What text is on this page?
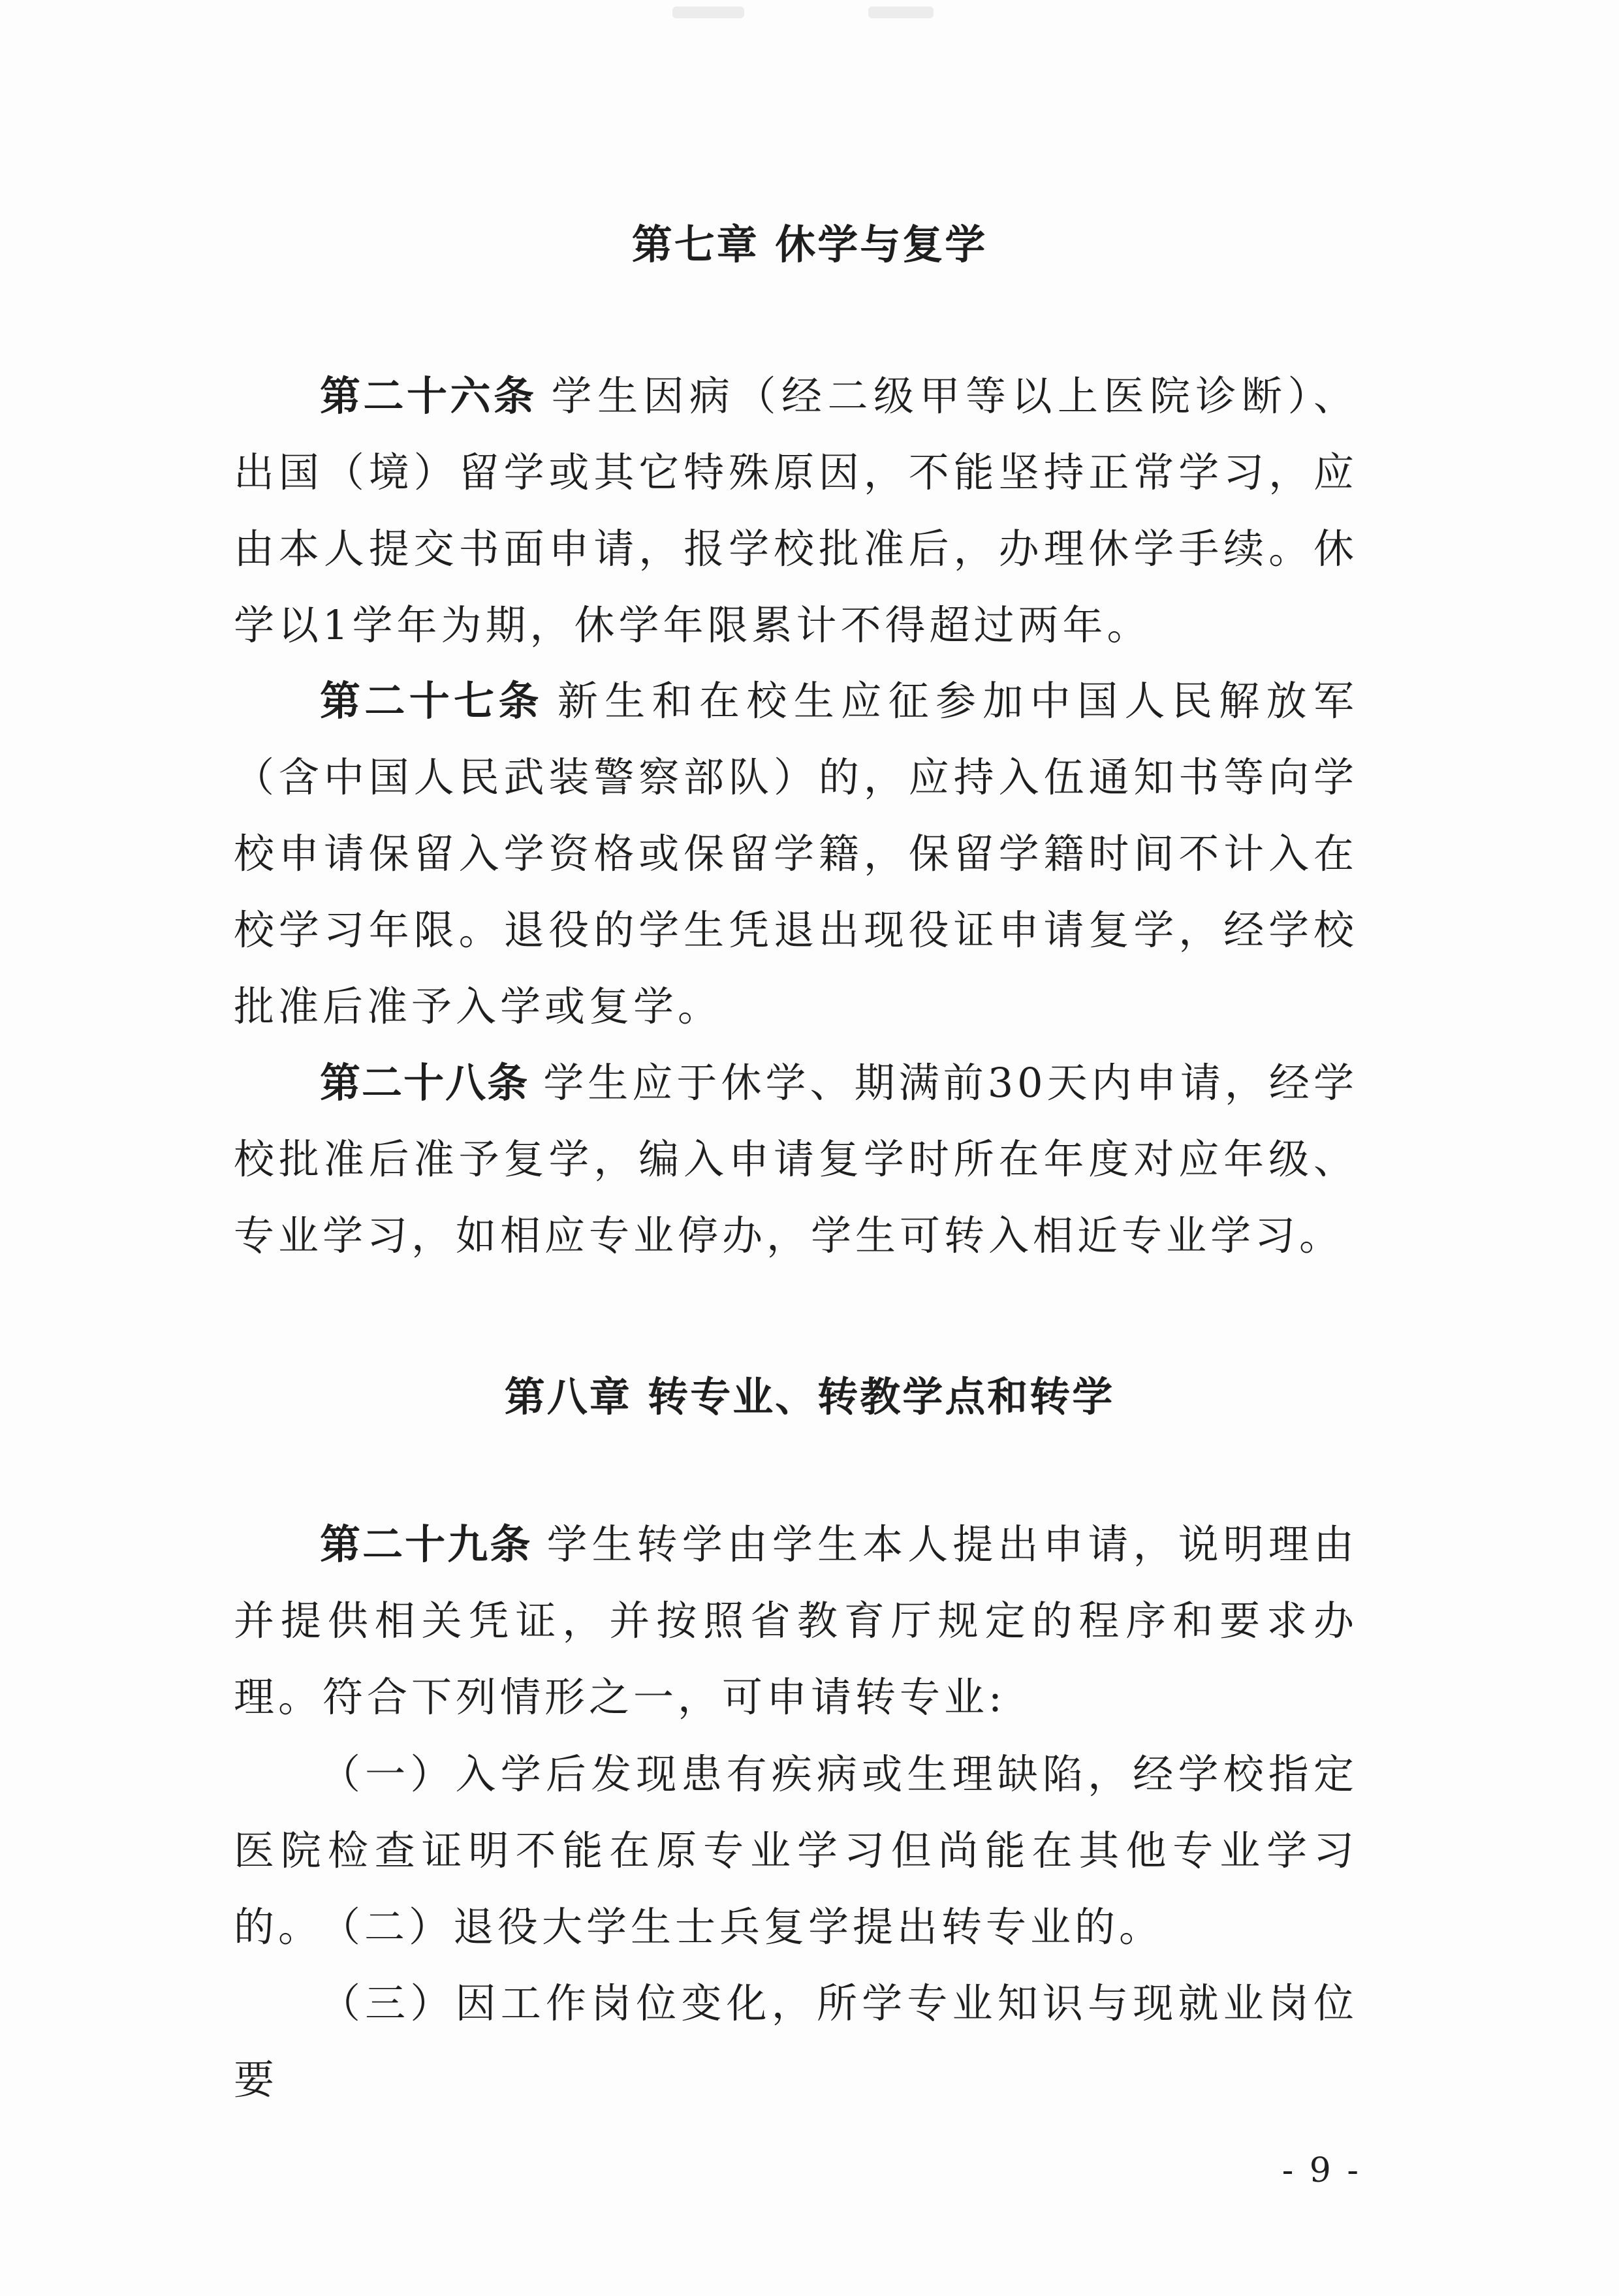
第七章 休学与复学

第二十六条 学生因病（经二级甲等以上医院诊断）、出国（境）留学或其它特殊原因，不能坚持正常学习，应由本人提交书面申请，报学校批准后，办理休学手续。休学以1学年为期，休学年限累计不得超过两年。

第二十七条 新生和在校生应征参加中国人民解放军（含中国人民武装警察部队）的，应持入伍通知书等向学校申请保留入学资格或保留学籍，保留学籍时间不计入在校学习年限。退役的学生凭退出现役证申请复学，经学校批准后准予入学或复学。

第二十八条 学生应于休学、期满前30天内申请，经学校批准后准予复学，编入申请复学时所在年度对应年级、专业学习，如相应专业停办，学生可转入相近专业学习。

第八章 转专业、转教学点和转学

第二十九条 学生转学由学生本人提出申请，说明理由并提供相关凭证，并按照省教育厅规定的程序和要求办理。符合下列情形之一，可申请转专业:

（一）入学后发现患有疾病或生理缺陷，经学校指定医院检查证明不能在原专业学习但尚能在其他专业学习的。

（二）退役大学生士兵复学提出转专业的。

（三）因工作岗位变化，所学专业知识与现就业岗位要

- 9 -
